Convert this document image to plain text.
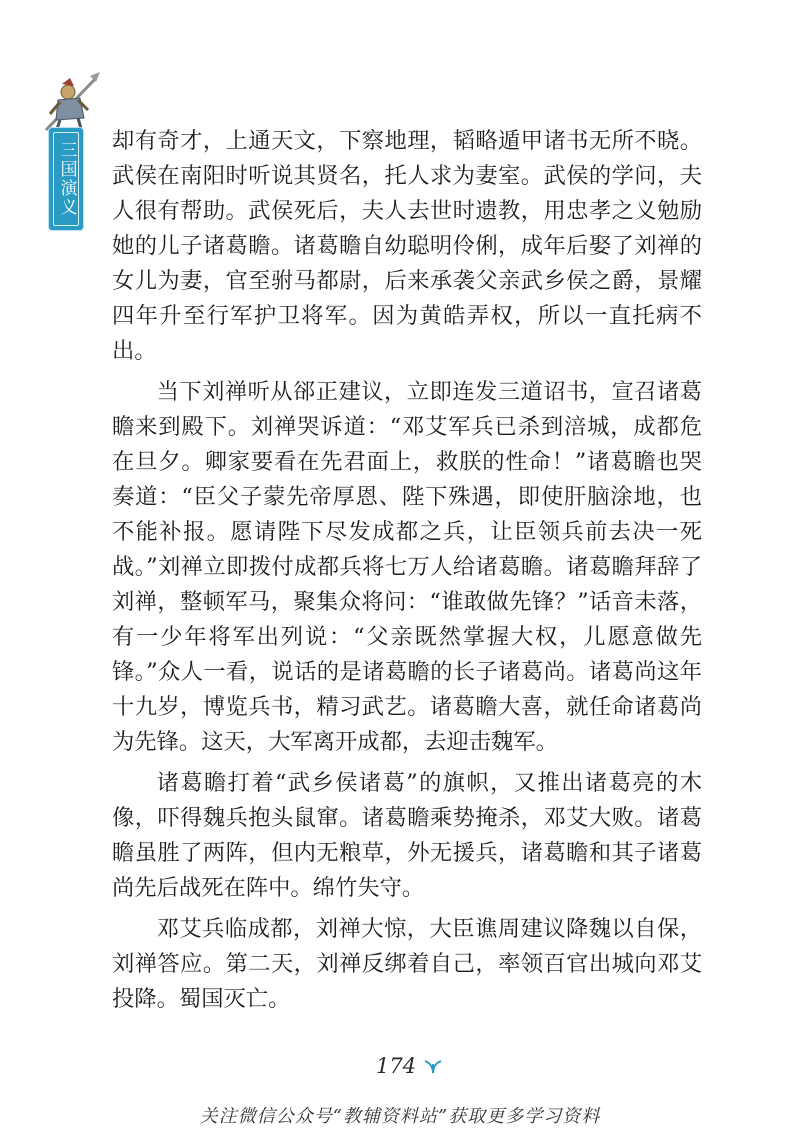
三国演义 却有奇才，上通天文，下察地理，韬略遁甲诸书无所不晓。武侯在南阳时听说其贤名，托人求为妻室。武侯的学问，夫人很有帮助。武侯死后，夫人去世时遗教，用忠孝之义勉励她的儿子诸葛瞻。诸葛瞻自幼聪明伶俐，成年后娶了刘禅的女儿为妻，官至驸马都尉，后来承袭父亲武乡侯之爵，景耀四年升至行军护卫将军。因为黄皓弄权，所以一直托病不出。

当下刘禅听从郤正建议，立即连发三道诏书，宣召诸葛瞻来到殿下。刘禅哭诉道：“邓艾军兵已杀到涪城，成都危在旦夕。卿家要看在先君面上，救朕的性命！”诸葛瞻也哭奏道：“臣父子蒙先帝厚恩、陛下殊遇，即使肝脑涂地，也不能补报。愿请陛下尽发成都之兵，让臣领兵前去决一死战。”刘禅立即拨付成都兵将七万人给诸葛瞻。诸葛瞻拜辞了刘禅，整顿军马，聚集众将问：“谁敢做先锋？”话音未落，有一少年将军出列说：“父亲既然掌握大权，儿愿意做先锋。”众人一看，说话的是诸葛瞻的长子诸葛尚。诸葛尚这年十九岁，博览兵书，精习武艺。诸葛瞻大喜，就任命诸葛尚为先锋。这天，大军离开成都，去迎击魏军。

诸葛瞻打着“武乡侯诸葛”的旗帜，又推出诸葛亮的木像，吓得魏兵抱头鼠窜。诸葛瞻乘势掩杀，邓艾大败。诸葛瞻虽胜了两阵，但内无粮草，外无援兵，诸葛瞻和其子诸葛尚先后战死在阵中。绵竹失守。

邓艾兵临成都，刘禅大惊，大臣谯周建议降魏以自保，刘禅答应。第二天，刘禅反绑着自己，率领百官出城向邓艾投降。蜀国灭亡。

174
关注微信公众号“教辅资料站”获取更多学习资料
